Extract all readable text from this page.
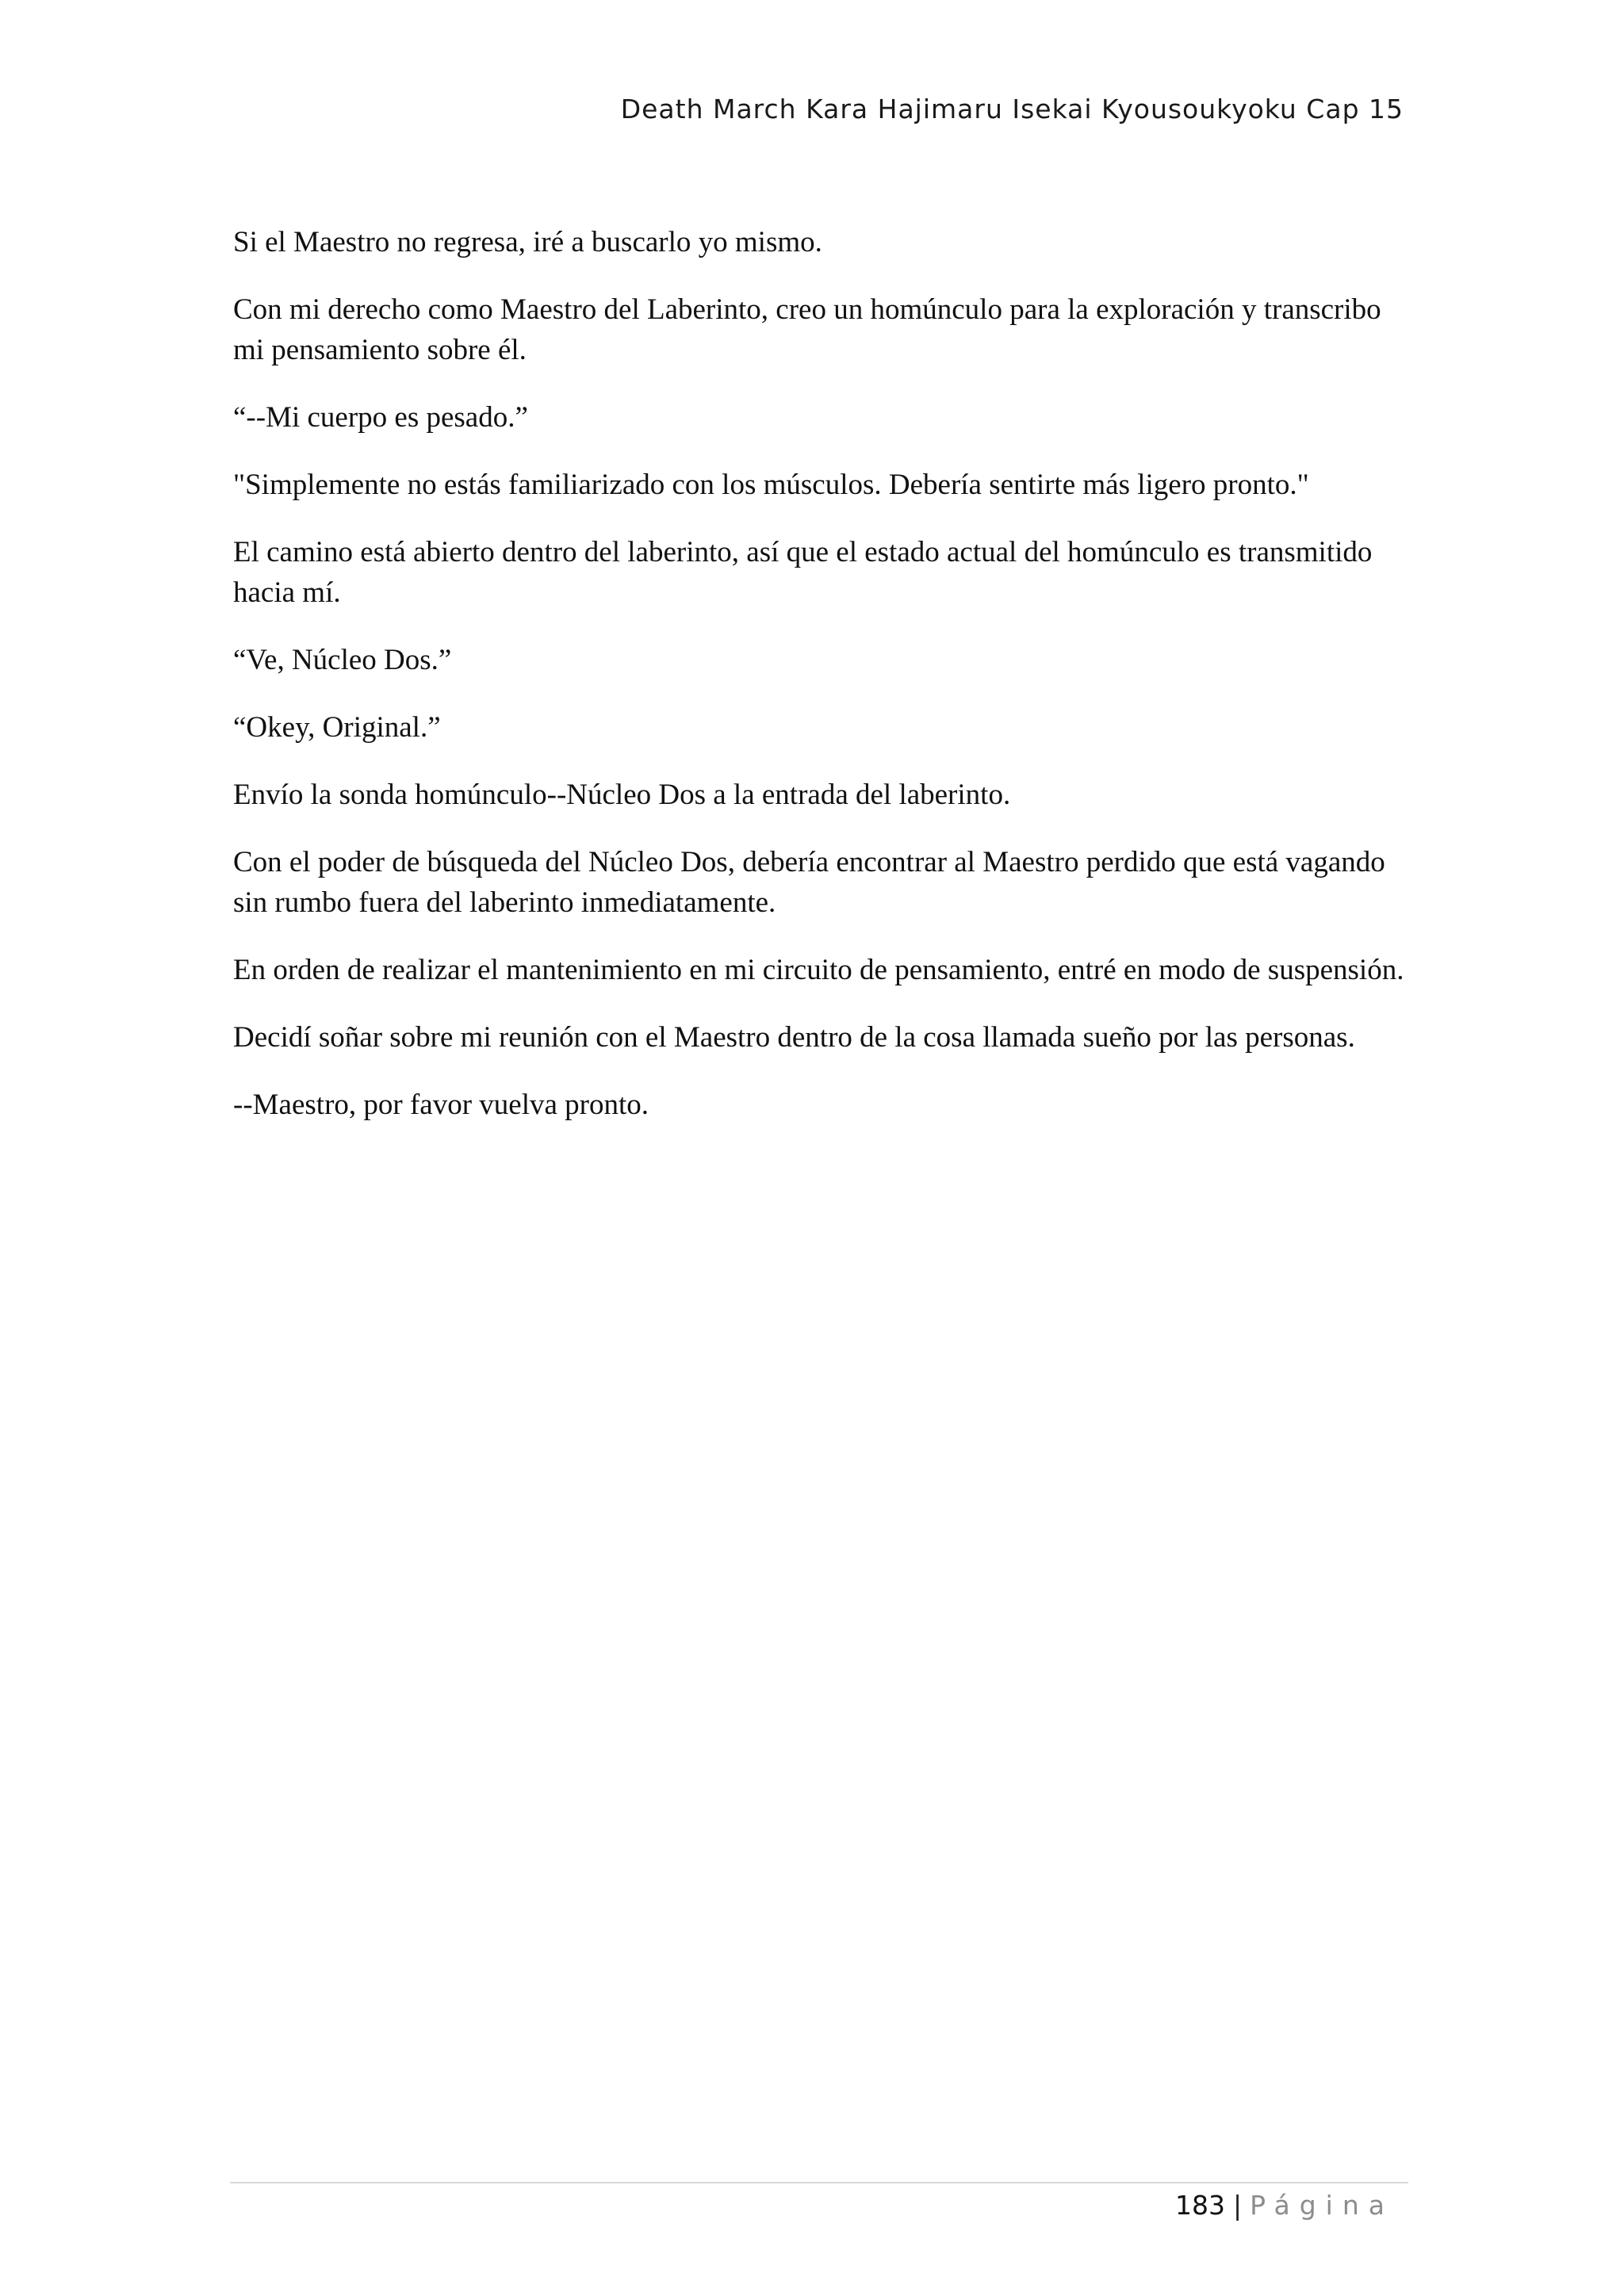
Death March Kara Hajimaru Isekai Kyousoukyoku Cap 15

Si el Maestro no regresa, iré a buscarlo yo mismo.

Con mi derecho como Maestro del Laberinto, creo un homúnculo para la exploración y transcribo mi pensamiento sobre él.

“--Mi cuerpo es pesado.”

"Simplemente no estás familiarizado con los músculos. Debería sentirte más ligero pronto."

El camino está abierto dentro del laberinto, así que el estado actual del homúnculo es transmitido hacia mí.

“Ve, Núcleo Dos.”

“Okey, Original.”

Envío la sonda homúnculo--Núcleo Dos a la entrada del laberinto.

Con el poder de búsqueda del Núcleo Dos, debería encontrar al Maestro perdido que está vagando sin rumbo fuera del laberinto inmediatamente.

En orden de realizar el mantenimiento en mi circuito de pensamiento, entré en modo de suspensión.

Decidí soñar sobre mi reunión con el Maestro dentro de la cosa llamada sueño por las personas.

--Maestro, por favor vuelva pronto.

183 | Página
